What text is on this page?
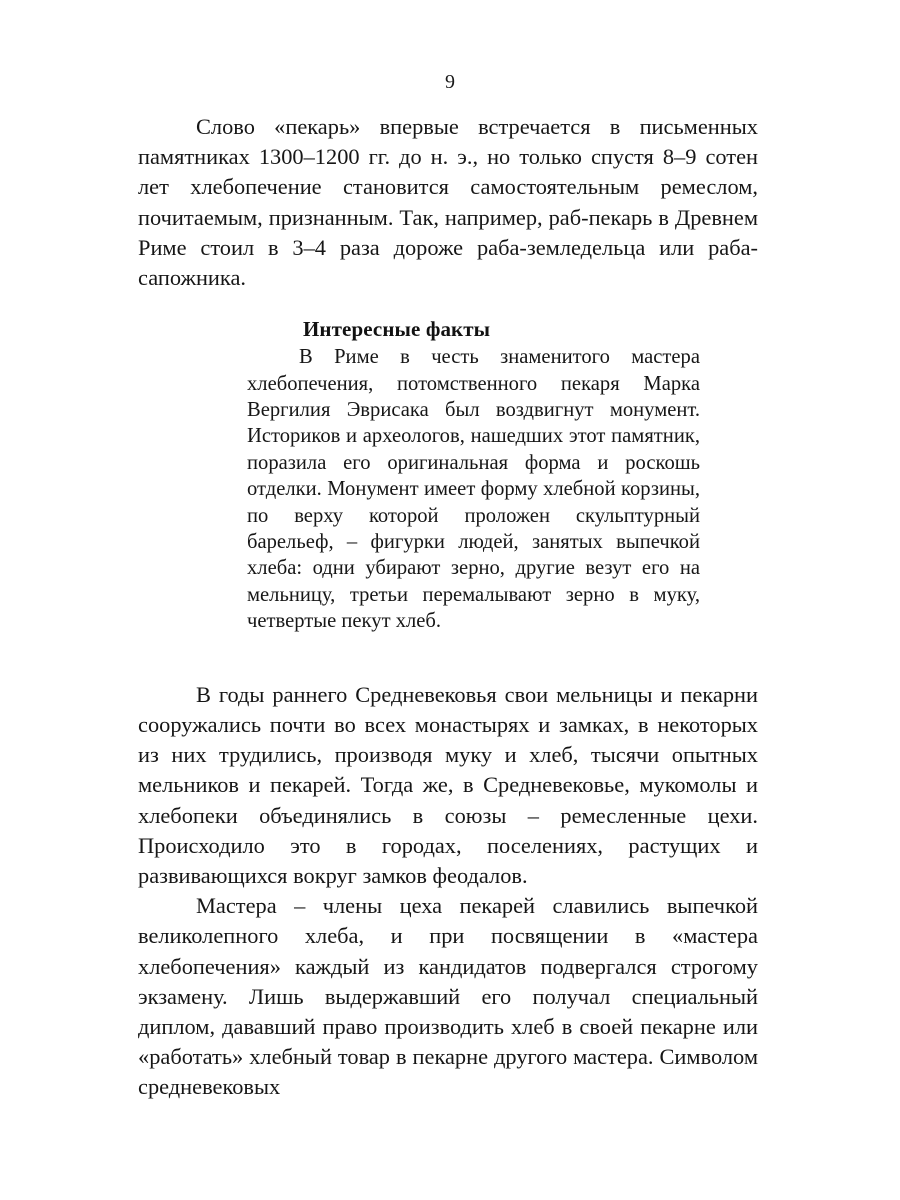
9

Слово «пекарь» впервые встречается в письменных памятниках 1300–1200 гг. до н. э., но только спустя 8–9 сотен лет хлебопечение становится самостоятельным ремеслом, почитаемым, признанным. Так, например, раб-пекарь в Древнем Риме стоил в 3–4 раза дороже раба-земледельца или раба-сапожника.

Интересные факты

В Риме в честь знаменитого мастера хлебопечения, потомственного пекаря Марка Вергилия Эврисака был воздвигнут монумент. Историков и археологов, нашедших этот памятник, поразила его оригинальная форма и роскошь отделки. Монумент имеет форму хлебной корзины, по верху которой проложен скульптурный барельеф, – фигурки людей, занятых выпечкой хлеба: одни убирают зерно, другие везут его на мельницу, третьи перемалывают зерно в муку, четвертые пекут хлеб.

В годы раннего Средневековья свои мельницы и пекарни сооружались почти во всех монастырях и замках, в некоторых из них трудились, производя муку и хлеб, тысячи опытных мельников и пекарей. Тогда же, в Средневековье, мукомолы и хлебопеки объединялись в союзы – ремесленные цехи. Происходило это в городах, поселениях, растущих и развивающихся вокруг замков феодалов.

Мастера – члены цеха пекарей славились выпечкой великолепного хлеба, и при посвящении в «мастера хлебопечения» каждый из кандидатов подвергался строгому экзамену. Лишь выдержавший его получал специальный диплом, дававший право производить хлеб в своей пекарне или «работать» хлебный товар в пекарне другого мастера. Символом средневековых
